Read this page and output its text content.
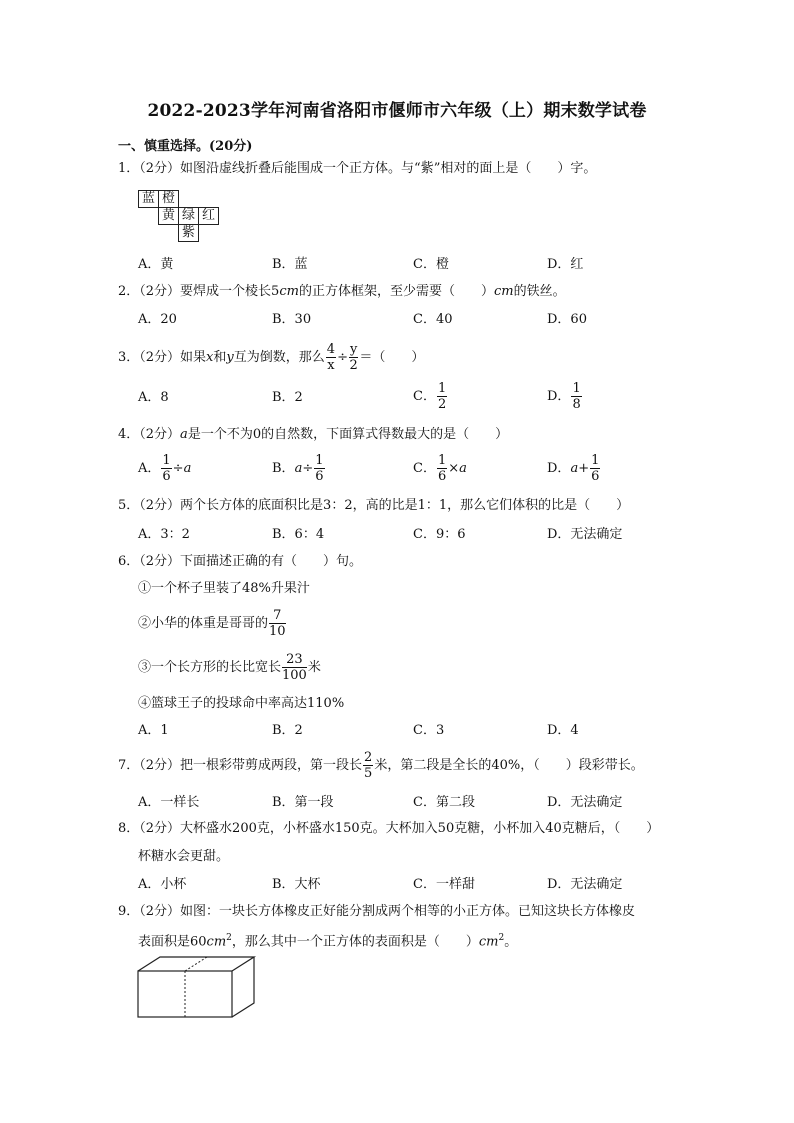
2022-2023学年河南省洛阳市偃师市六年级（上）期末数学试卷
一、慎重选择。(20分)
1．（2分）如图沿虚线折叠后能围成一个正方体。与“紫”相对的面上是（　　）字。
蓝 橙
黄 绿 红
紫
A．黄	B．蓝	C．橙	D．红
2．（2分）要焊成一个棱长5cm的正方体框架，至少需要（　　）cm的铁丝。
A．20	B．30	C．40	D．60
3．（2分）如果x和y互为倒数，那么 $\frac{4}{x} \div \frac{y}{2}$ ＝（　　）
A．8	B．2	C． $\frac{1}{2}$	D． $\frac{1}{8}$
4．（2分）a是一个不为0的自然数，下面算式得数最大的是（　　）
A． $\frac{1}{6} \div a$	B．$a\div \frac{1}{6}$	C． $\frac{1}{6} \times a$	D．$a+ \frac{1}{6}$
5．（2分）两个长方体的底面积比是3：2，高的比是1：1，那么它们体积的比是（　　）
A．3：2	B．6：4	C．9：6	D．无法确定
6．（2分）下面描述正确的有（　　）句。
①一个杯子里装了48%升果汁
②小华的体重是哥哥的 $\frac{7}{10}$
③一个长方形的长比宽长 $\frac{23}{100}$ 米
④篮球王子的投球命中率高达110%
A．1	B．2	C．3	D．4
7．（2分）把一根彩带剪成两段，第一段长 $\frac{2}{5}$ 米，第二段是全长的40%，（　　）段彩带长。
A．一样长	B．第一段	C．第二段	D．无法确定
8．（2分）大杯盛水200克，小杯盛水150克。大杯加入50克糖，小杯加入40克糖后，（　　）
杯糖水会更甜。
A．小杯	B．大杯	C．一样甜	D．无法确定
9．（2分）如图：一块长方体橡皮正好能分割成两个相等的小正方体。已知这块长方体橡皮
表面积是$60cm^2$，那么其中一个正方体的表面积是（　　）$cm^2$。
